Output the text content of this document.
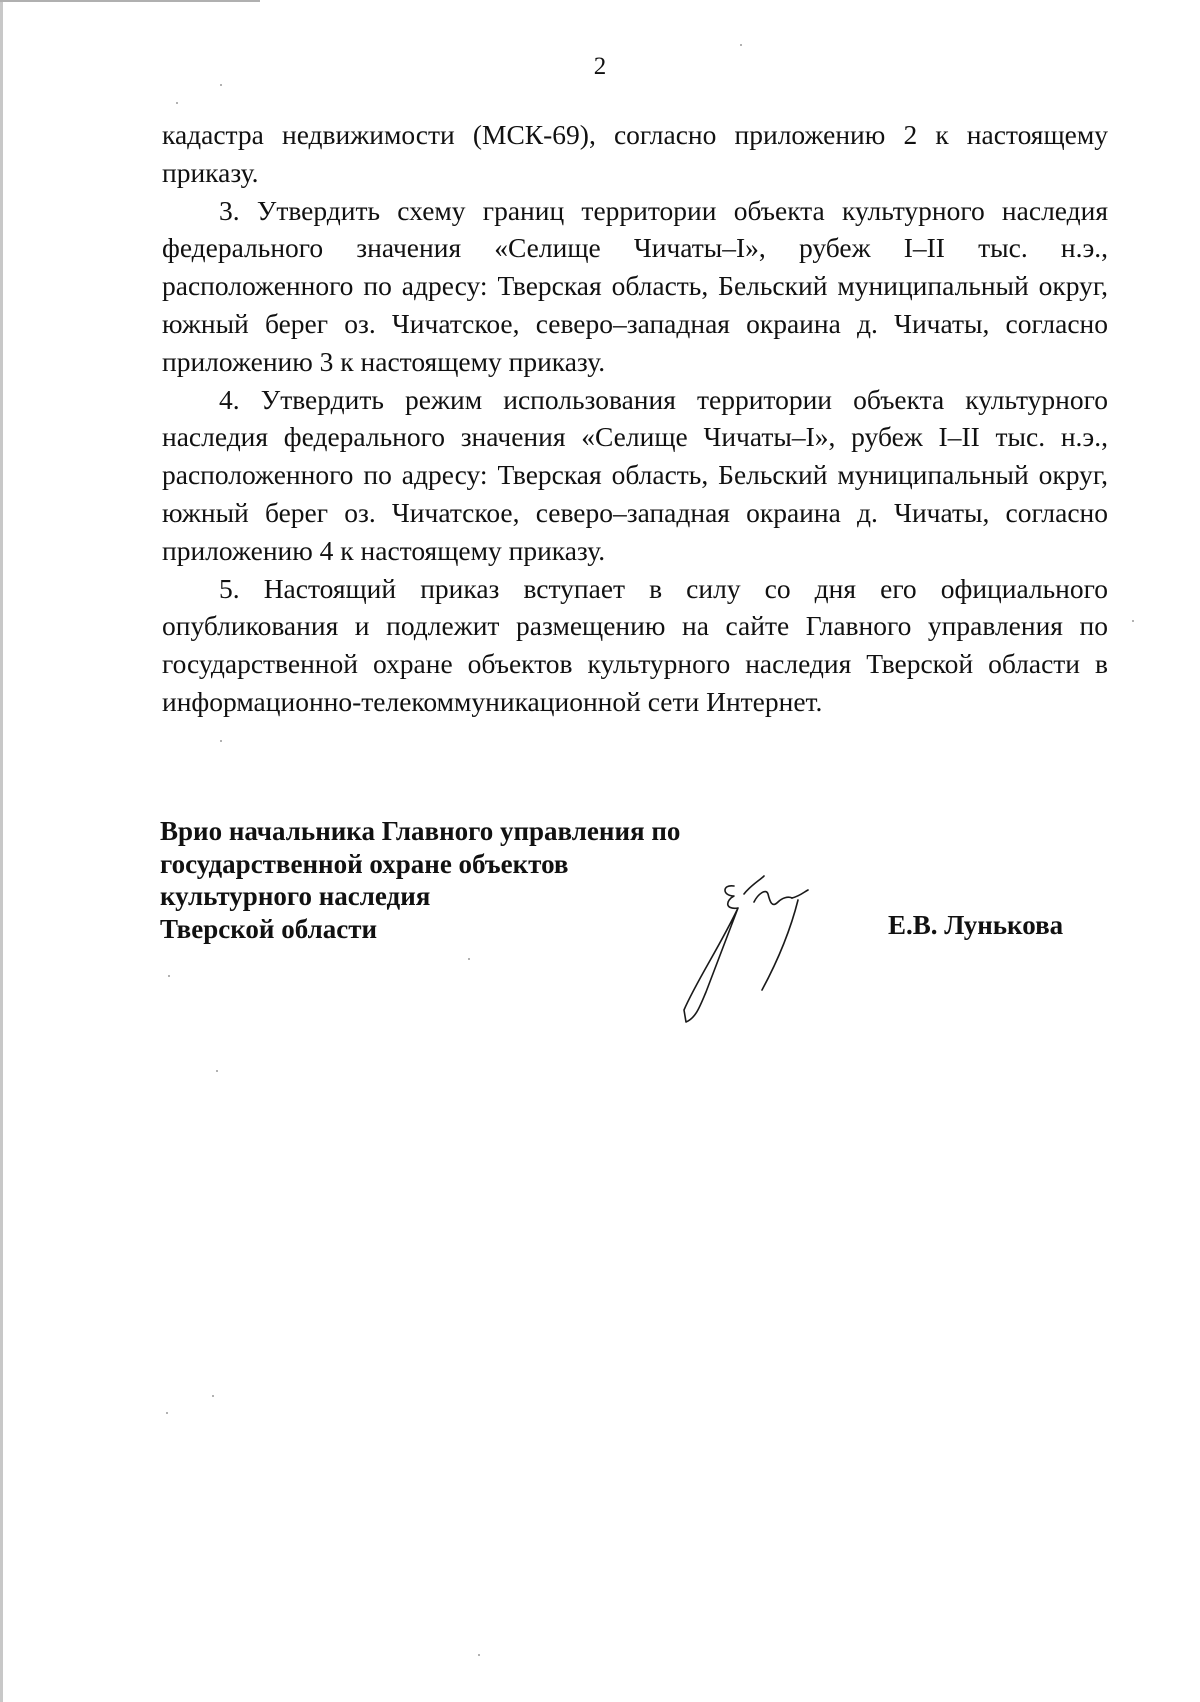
2

кадастра недвижимости (МСК-69), согласно приложению 2 к настоящему приказу.

3. Утвердить схему границ территории объекта культурного наследия федерального значения «Селище Чичаты–I», рубеж I–II тыс. н.э., расположенного по адресу: Тверская область, Бельский муниципальный округ, южный берег оз. Чичатское, северо–западная окраина д. Чичаты, согласно приложению 3 к настоящему приказу.

4. Утвердить режим использования территории объекта культурного наследия федерального значения «Селище Чичаты–I», рубеж I–II тыс. н.э., расположенного по адресу: Тверская область, Бельский муниципальный округ, южный берег оз. Чичатское, северо–западная окраина д. Чичаты, согласно приложению 4 к настоящему приказу.

5. Настоящий приказ вступает в силу со дня его официального опубликования и подлежит размещению на сайте Главного управления по государственной охране объектов культурного наследия Тверской области в информационно-телекоммуникационной сети Интернет.

Врио начальника Главного управления по
государственной охране объектов
культурного наследия
Тверской области	Е.В. Лунькова
